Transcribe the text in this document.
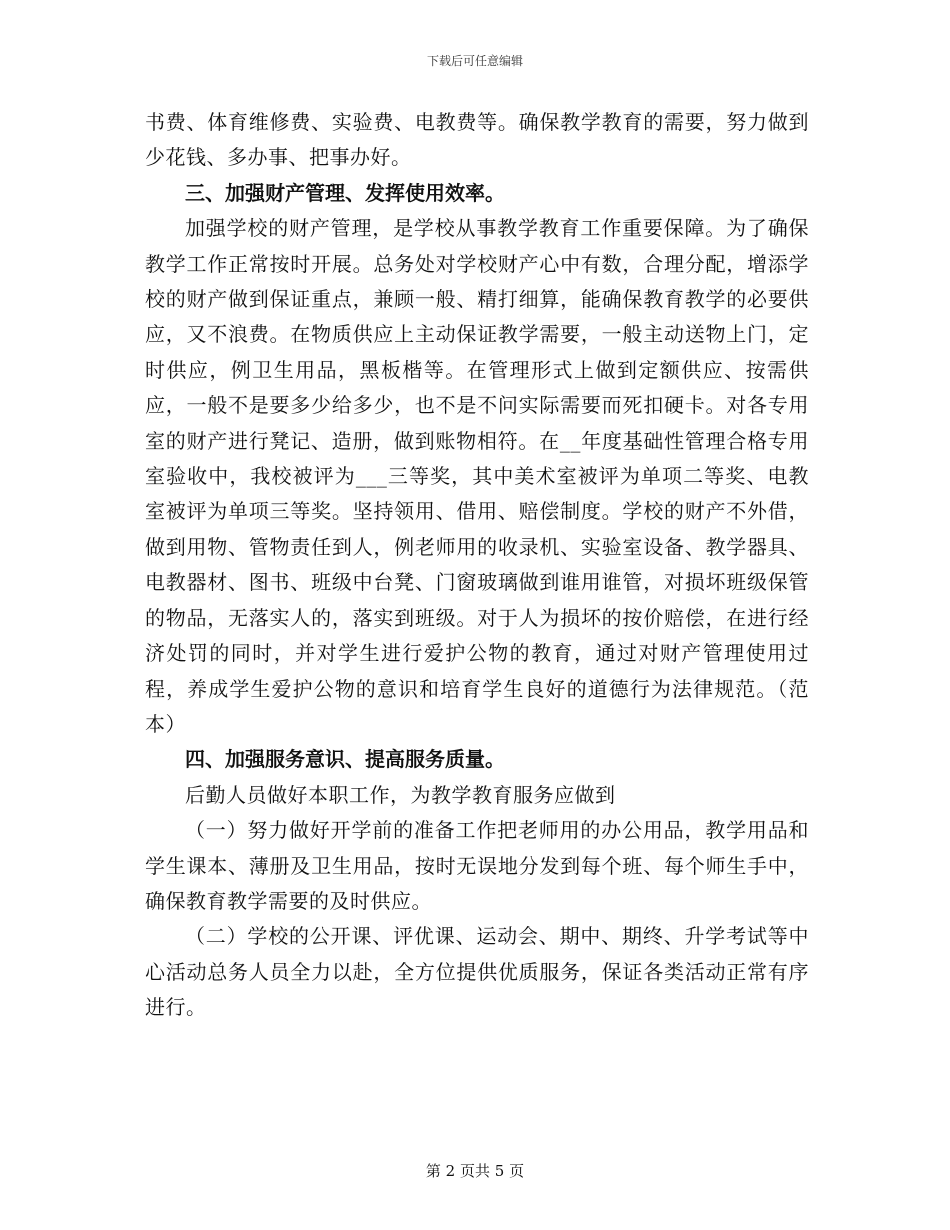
下载后可任意编辑

书费、体育维修费、实验费、电教费等。确保教学教育的需要，努力做到少花钱、多办事、把事办好。

三、加强财产管理、发挥使用效率。

加强学校的财产管理，是学校从事教学教育工作重要保障。为了确保教学工作正常按时开展。总务处对学校财产心中有数，合理分配，增添学校的财产做到保证重点，兼顾一般、精打细算，能确保教育教学的必要供应，又不浪费。在物质供应上主动保证教学需要，一般主动送物上门，定时供应，例卫生用品，黑板楷等。在管理形式上做到定额供应、按需供应，一般不是要多少给多少，也不是不问实际需要而死扣硬卡。对各专用室的财产进行凳记、造册，做到账物相符。在__年度基础性管理合格专用室验收中，我校被评为___三等奖，其中美术室被评为单项二等奖、电教室被评为单项三等奖。坚持领用、借用、赔偿制度。学校的财产不外借，做到用物、管物责任到人，例老师用的收录机、实验室设备、教学器具、电教器材、图书、班级中台凳、门窗玻璃做到谁用谁管，对损坏班级保管的物品，无落实人的，落实到班级。对于人为损坏的按价赔偿，在进行经济处罚的同时，并对学生进行爱护公物的教育，通过对财产管理使用过程，养成学生爱护公物的意识和培育学生良好的道德行为法律规范。（范本）

四、加强服务意识、提高服务质量。

后勤人员做好本职工作，为教学教育服务应做到

（一）努力做好开学前的准备工作把老师用的办公用品，教学用品和学生课本、薄册及卫生用品，按时无误地分发到每个班、每个师生手中，确保教育教学需要的及时供应。

（二）学校的公开课、评优课、运动会、期中、期终、升学考试等中心活动总务人员全力以赴，全方位提供优质服务，保证各类活动正常有序进行。

第 2 页共 5 页
